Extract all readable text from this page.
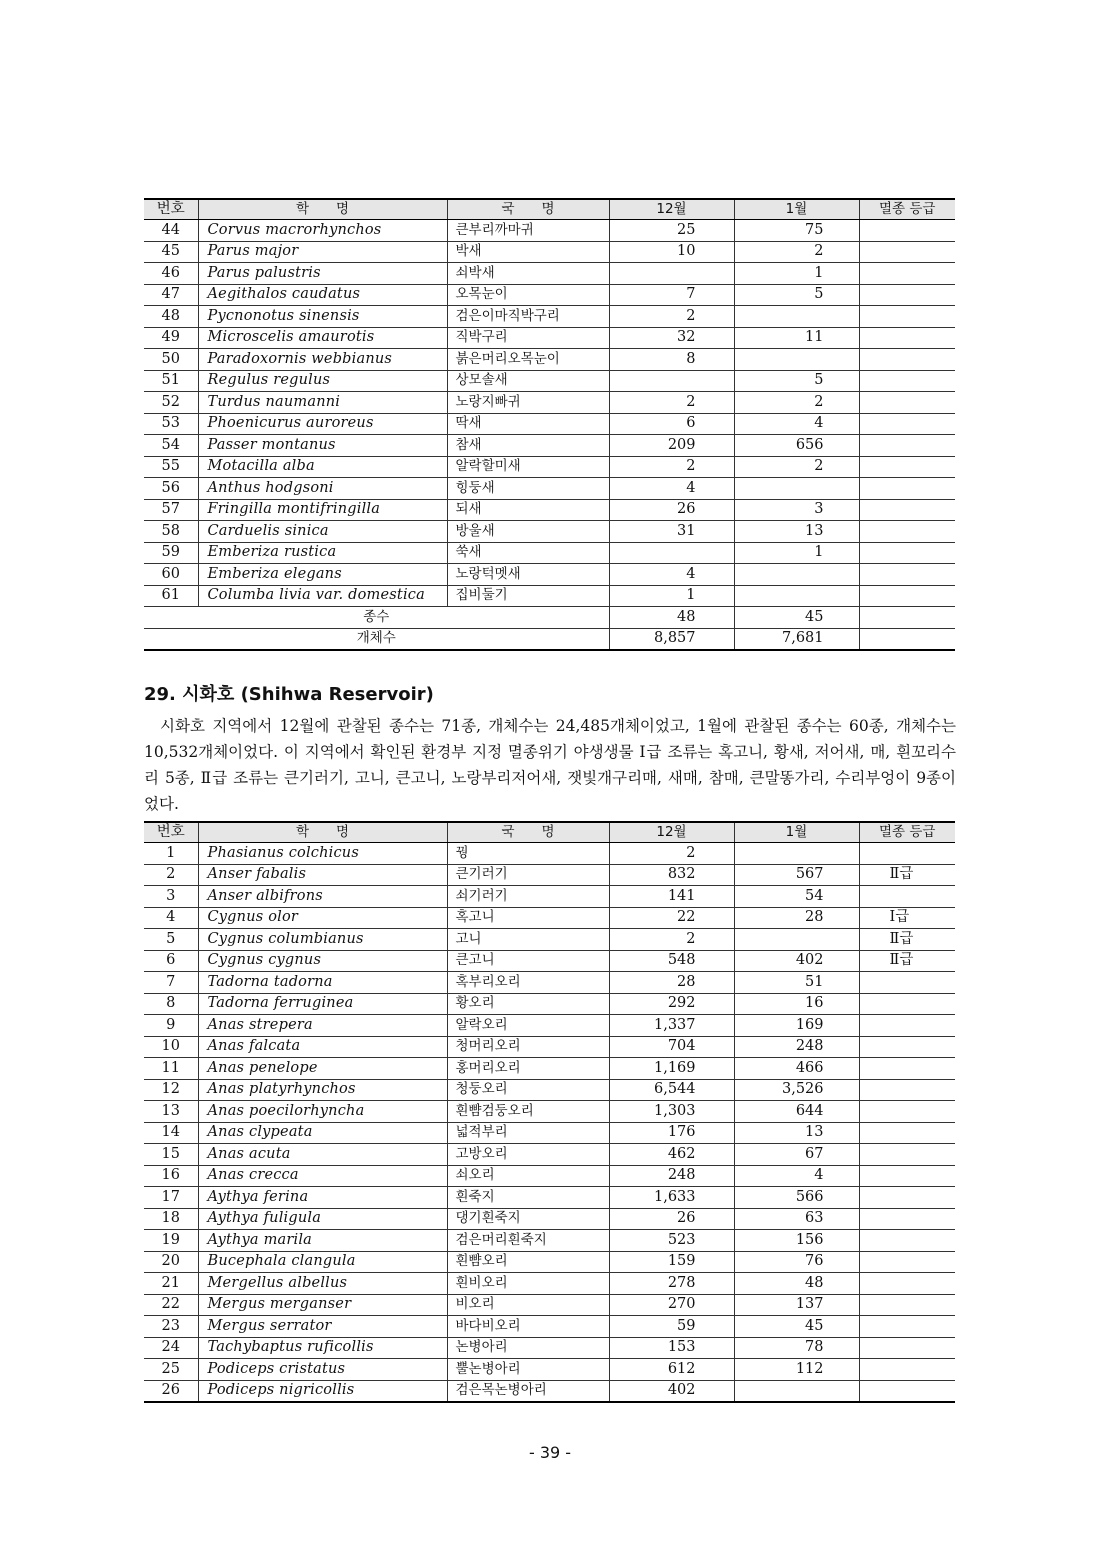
번호	학　　명	국　　명	12월	1월	멸종 등급
44	Corvus macrorhynchos	큰부리까마귀	25	75	
45	Parus major	박새	10	2	
46	Parus palustris	쇠박새		1	
47	Aegithalos caudatus	오목눈이	7	5	
48	Pycnonotus sinensis	검은이마직박구리	2		
49	Microscelis amaurotis	직박구리	32	11	
50	Paradoxornis webbianus	붉은머리오목눈이	8		
51	Regulus regulus	상모솔새		5	
52	Turdus naumanni	노랑지빠귀	2	2	
53	Phoenicurus auroreus	딱새	6	4	
54	Passer montanus	참새	209	656	
55	Motacilla alba	알락할미새	2	2	
56	Anthus hodgsoni	힝둥새	4		
57	Fringilla montifringilla	되새	26	3	
58	Carduelis sinica	방울새	31	13	
59	Emberiza rustica	쑥새		1	
60	Emberiza elegans	노랑턱멧새	4		
61	Columba livia var. domestica	집비둘기	1		
종수			48	45	
개체수			8,857	7,681	
29. 시화호 (Shihwa Reservoir)

시화호 지역에서 12월에 관찰된 종수는 71종, 개체수는 24,485개체이었고, 1월에 관찰된 종수는 60종, 개체수는 10,532개체이었다. 이 지역에서 확인된 환경부 지정 멸종위기 야생생물 Ⅰ급 조류는 혹고니, 황새, 저어새, 매, 흰꼬리수리 5종, Ⅱ급 조류는 큰기러기, 고니, 큰고니, 노랑부리저어새, 잿빛개구리매, 새매, 참매, 큰말똥가리, 수리부엉이 9종이었다.

번호	학　　명	국　　명	12월	1월	멸종 등급
1	Phasianus colchicus	꿩	2		
2	Anser fabalis	큰기러기	832	567	Ⅱ급
3	Anser albifrons	쇠기러기	141	54	
4	Cygnus olor	혹고니	22	28	Ⅰ급
5	Cygnus columbianus	고니	2		Ⅱ급
6	Cygnus cygnus	큰고니	548	402	Ⅱ급
7	Tadorna tadorna	혹부리오리	28	51	
8	Tadorna ferruginea	황오리	292	16	
9	Anas strepera	알락오리	1,337	169	
10	Anas falcata	청머리오리	704	248	
11	Anas penelope	홍머리오리	1,169	466	
12	Anas platyrhynchos	청둥오리	6,544	3,526	
13	Anas poecilorhyncha	흰뺨검둥오리	1,303	644	
14	Anas clypeata	넓적부리	176	13	
15	Anas acuta	고방오리	462	67	
16	Anas crecca	쇠오리	248	4	
17	Aythya ferina	흰죽지	1,633	566	
18	Aythya fuligula	댕기흰죽지	26	63	
19	Aythya marila	검은머리흰죽지	523	156	
20	Bucephala clangula	흰뺨오리	159	76	
21	Mergellus albellus	흰비오리	278	48	
22	Mergus merganser	비오리	270	137	
23	Mergus serrator	바다비오리	59	45	
24	Tachybaptus ruficollis	논병아리	153	78	
25	Podiceps cristatus	뿔논병아리	612	112	
26	Podiceps nigricollis	검은목논병아리	402		
- 39 -
